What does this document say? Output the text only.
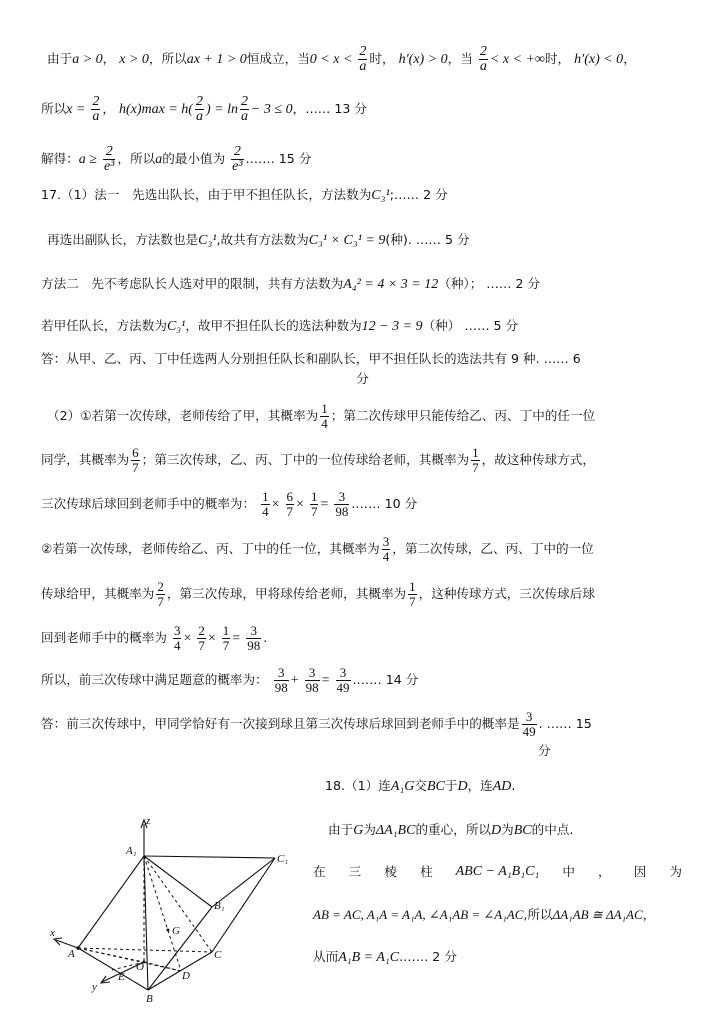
由于a > 0， x > 0，所以ax + 1 > 0恒成立，当$0 < x < \frac{2}{a}$ 时， h′(x) > 0，当 $\frac{2}{a} < x$ < +∞时， h′(x) < 0，
所以$x = \frac{2}{a}$ ， $h(x)\max = h( \frac{2}{a}$ ) = $\ln \frac{2}{a} - 3 \le 0$，…… 13 分
解得：$a \ge \frac{2}{\text{e³}}$ ，所以a的最小值为 $\frac{2}{\text{e³}}$ .…… 15 分
17.（1）法一　先选出队长，由于甲不担任队长，方法数为C₃¹;…… 2 分
再选出副队长，方法数也是C₃¹,故共有方法数为C₃¹ × C₃¹ = 9(种). …… 5 分
方法二　先不考虑队长人选对甲的限制，共有方法数为A₄² = 4 × 3 = 12（种）； …… 2 分
若甲任队长，方法数为C₃¹，故甲不担任队长的选法种数为12 − 3 = 9（种） …… 5 分
答：从甲、乙、丙、丁中任选两人分别担任队长和副队长，甲不担任队长的选法共有 9 种. …… 6
分
（2）①若第一次传球，老师传给了甲，其概率为 $\frac{1}{4}$ ；第二次传球甲只能传给乙、丙、丁中的任一位
同学，其概率为 $\frac{6}{7}$ ；第三次传球，乙、丙、丁中的一位传球给老师，其概率为 $\frac{1}{7}$ ，故这种传球方式，
三次传球后球回到老师手中的概率为： $\frac{1}{4} \times \frac{6}{7} \times \frac{1}{7} = \frac{3}{98}$ .…… 10 分
②若第一次传球，老师传给乙、丙、丁中的任一位，其概率为 $\frac{3}{4}$ ，第二次传球，乙、丙、丁中的一位
传球给甲，其概率为 $\frac{2}{7}$ ，第三次传球，甲将球传给老师，其概率为 $\frac{1}{7}$ ，这种传球方式，三次传球后球
回到老师手中的概率为 $\frac{3}{4} \times \frac{2}{7} \times \frac{1}{7} = \frac{3}{98}$ .
所以，前三次传球中满足题意的概率为： $\frac{3}{98} + \frac{3}{98} = \frac{3}{49}$ .…… 14 分
答：前三次传球中，甲同学恰好有一次接到球且第三次传球后球回到老师手中的概率是 $\frac{3}{49}$ . …… 15
分
18.（1）连A₁G交BC于D，连AD.
由于G为ΔA₁BC的重心，所以D为BC的中点.
在 三 棱 柱 ABC − A₁B₁C₁ 中 ， 因 为
AB = AC, A₁A = A₁A, ∠A₁AB = ∠A₁AC,所以ΔA₁AB ≅ ΔA₁AC，
从而A₁B = A₁C.…… 2 分
z
x
y
A₁
C₁
B₁
G
A
O
E	D
C
B
